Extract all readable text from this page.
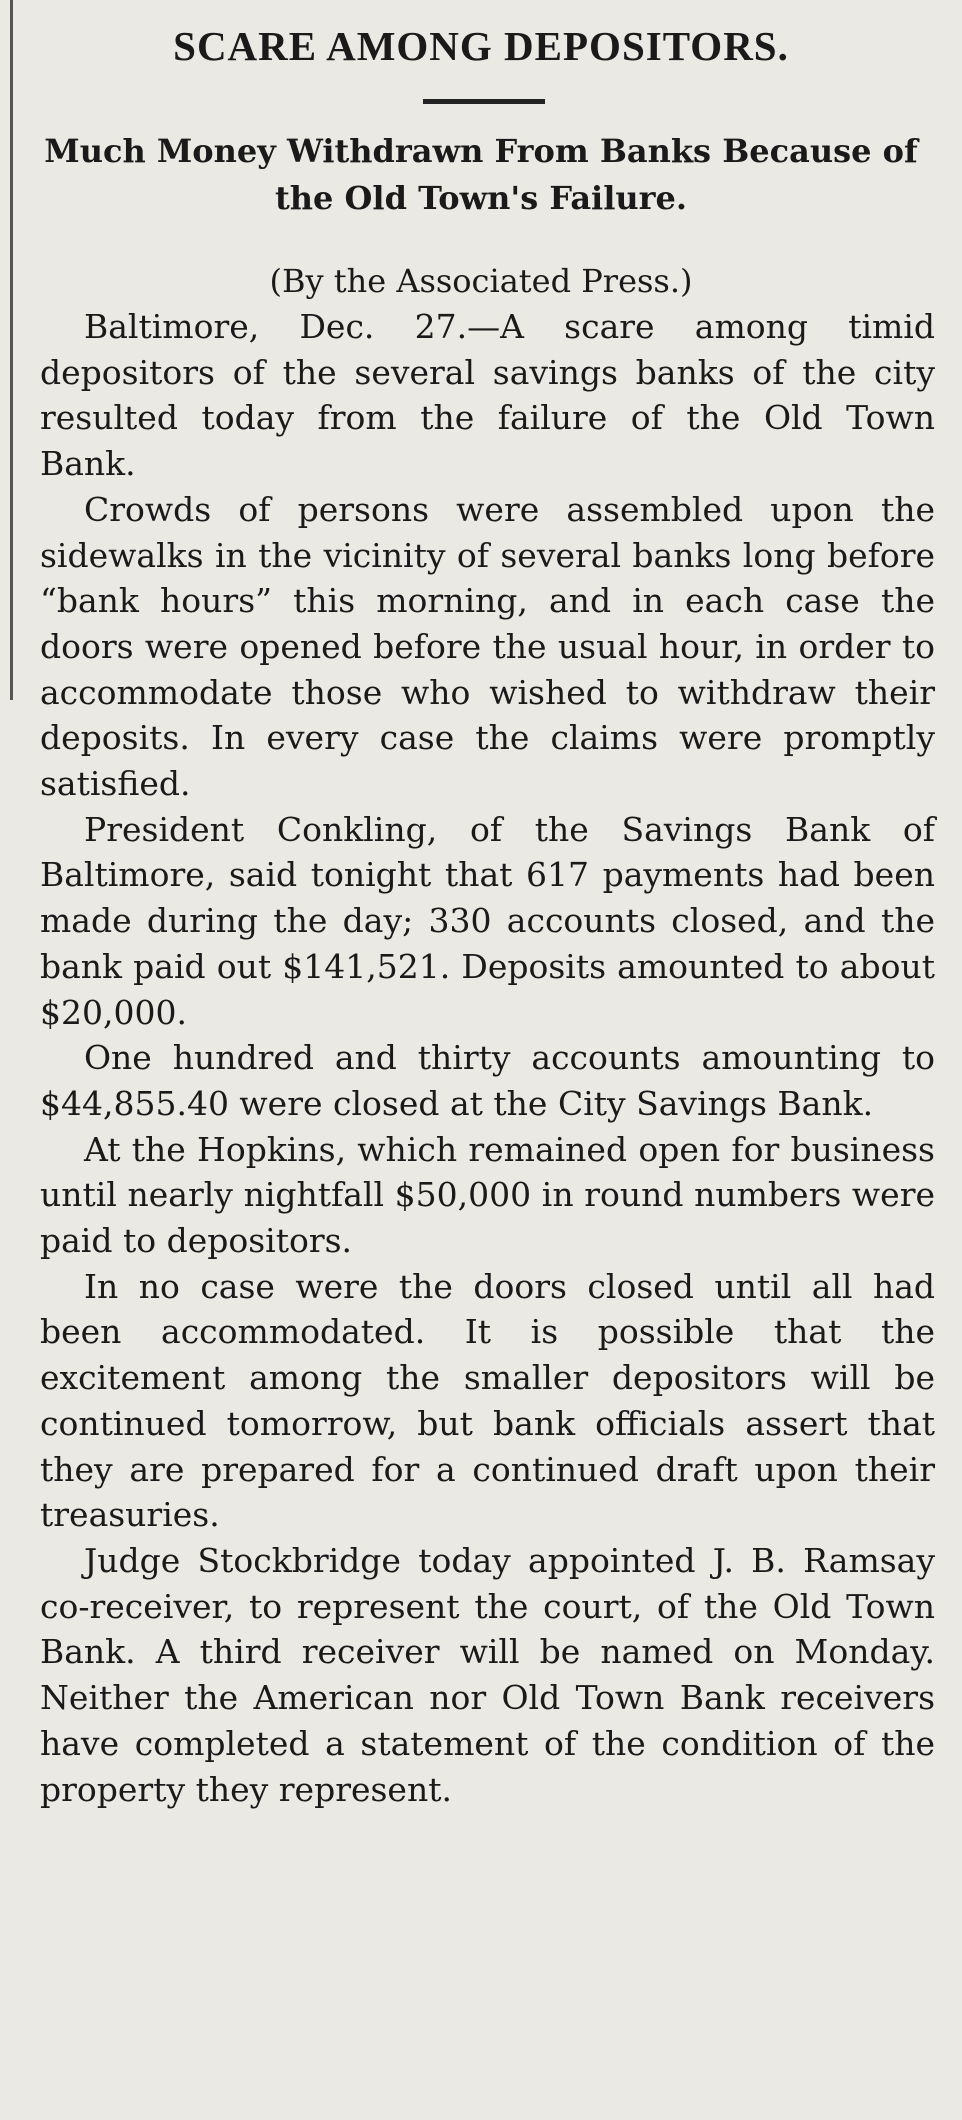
SCARE AMONG DEPOSITORS.
Much Money Withdrawn From Banks Because of the Old Town's Failure.

(By the Associated Press.)

Baltimore, Dec. 27.—A scare among timid depositors of the several savings banks of the city resulted today from the failure of the Old Town Bank.

Crowds of persons were assembled upon the sidewalks in the vicinity of several banks long before “bank hours” this morning, and in each case the doors were opened before the usual hour, in order to accommodate those who wished to withdraw their deposits. In every case the claims were promptly satisfied.

President Conkling, of the Savings Bank of Baltimore, said tonight that 617 payments had been made during the day; 330 accounts closed, and the bank paid out $141,521. Deposits amounted to about $20,000.

One hundred and thirty accounts amounting to $44,855.40 were closed at the City Savings Bank.

At the Hopkins, which remained open for business until nearly nightfall $50,000 in round numbers were paid to depositors.

In no case were the doors closed until all had been accommodated. It is possible that the excitement among the smaller depositors will be continued tomorrow, but bank officials assert that they are prepared for a continued draft upon their treasuries.

Judge Stockbridge today appointed J. B. Ramsay co-receiver, to represent the court, of the Old Town Bank. A third receiver will be named on Monday. Neither the American nor Old Town Bank receivers have completed a statement of the condition of the property they represent.
